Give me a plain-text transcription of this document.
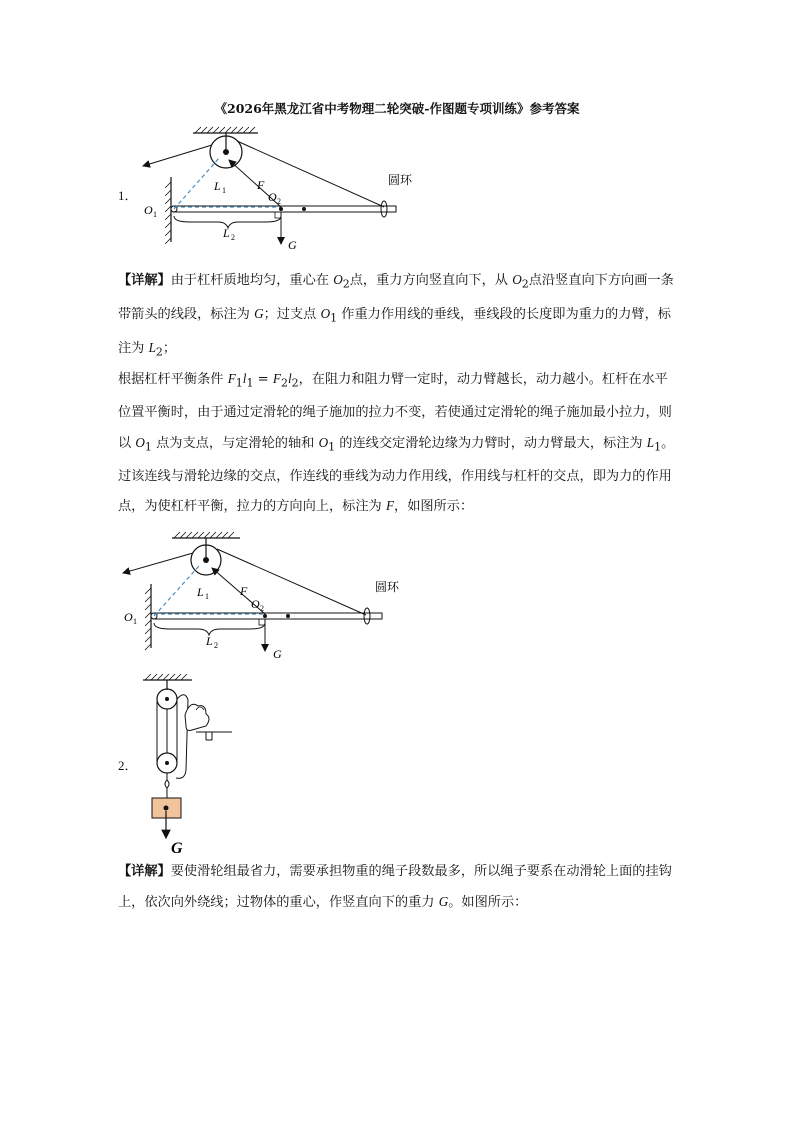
《2026年黑龙江省中考物理二轮突破-作图题专项训练》参考答案
1．
L 1	F
O 2
O 1
L 2
G
圆环
【详解】由于杠杆质地均匀，重心在 $O_2$点，重力方向竖直向下，从 $O_2$点沿竖直向下方向画一条带箭头的线段，标注为 G；过支点 $O_1$ 作重力作用线的垂线，垂线段的长度即为重力的力臂，标注为 $L_2$；
根据杠杆平衡条件 $F_1l_1 = F_2l_2$，在阻力和阻力臂一定时，动力臂越长，动力越小。杠杆在水平位置平衡时，由于通过定滑轮的绳子施加的拉力不变，若使通过定滑轮的绳子施加最小拉力，则以 $O_1$ 点为支点，与定滑轮的轴和 $O_1$ 的连线交定滑轮边缘为力臂时，动力臂最大，标注为 $L_1$。过该连线与滑轮边缘的交点，作连线的垂线为动力作用线，作用线与杠杆的交点，即为力的作用点，为使杠杆平衡，拉力的方向向上，标注为 F，如图所示：
L 1	F
O 2
O 1
L 2
G
圆环
2．
G
【详解】要使滑轮组最省力，需要承担物重的绳子段数最多，所以绳子要系在动滑轮上面的挂钩上，依次向外绕线；过物体的重心，作竖直向下的重力 G。如图所示：
